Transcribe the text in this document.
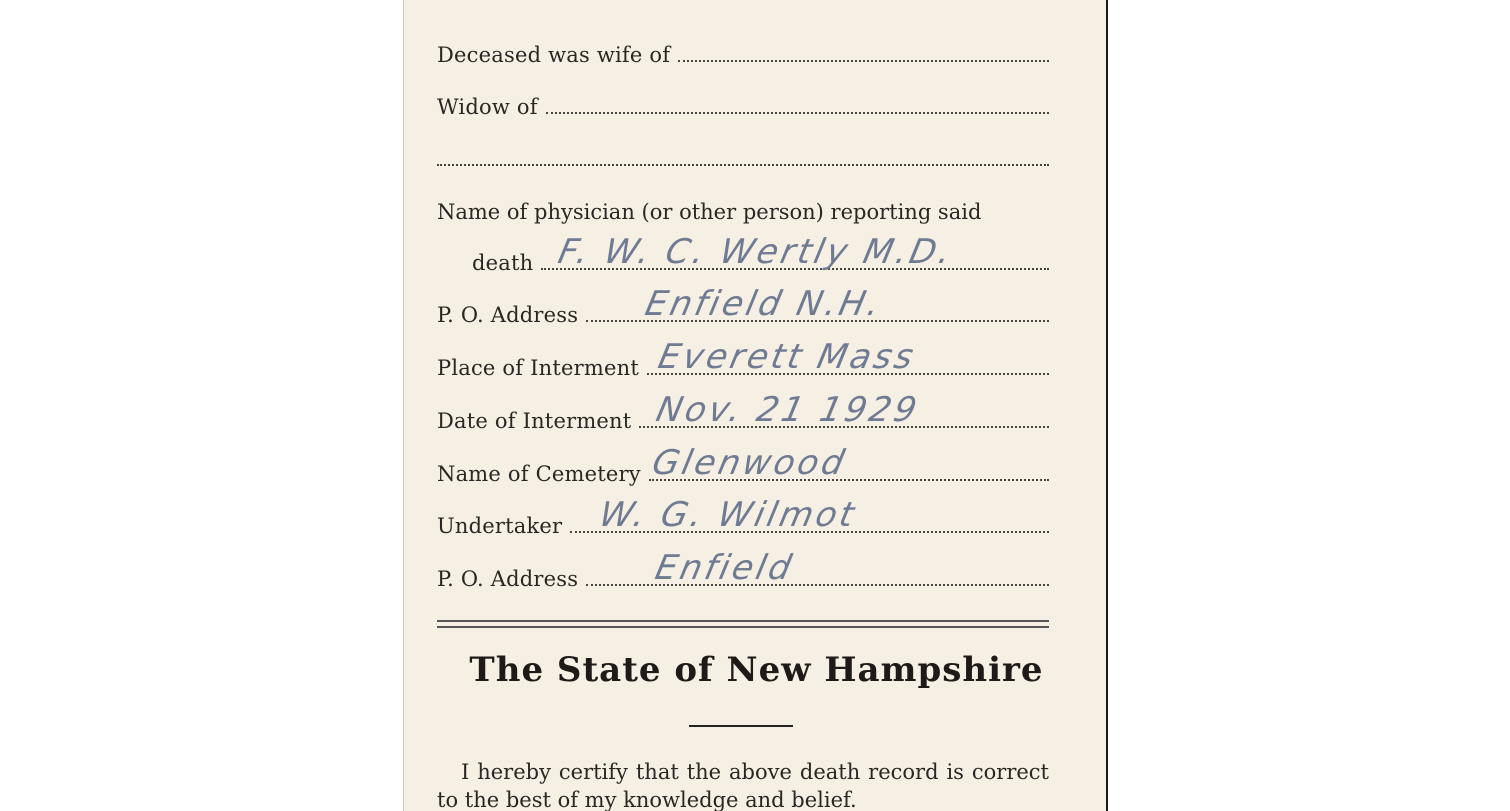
Deceased was wife of
Widow of
Name of physician (or other person) reporting said
death F. W. C. Wertly M.D.
P. O. Address Enfield N.H.
Place of Interment Everett Mass
Date of Interment Nov. 21 1929
Name of Cemetery Glenwood
Undertaker W. G. Wilmot
P. O. Address Enfield
The State of New Hampshire
I hereby certify that the above death record is correct to the best of my knowledge and belief.
